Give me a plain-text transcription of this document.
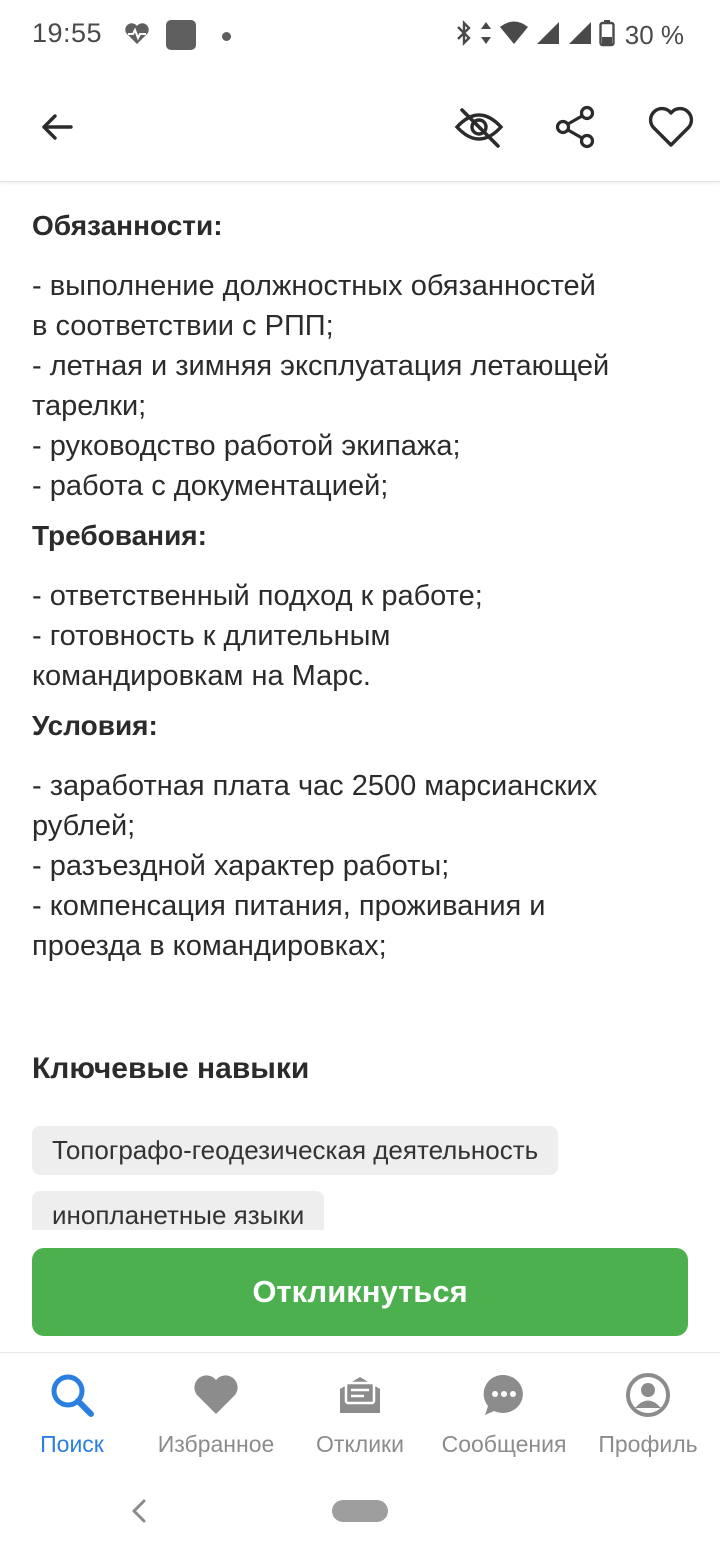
19:55	30 %
Обязанности:
- выполнение должностных обязанностей
в соответствии с РПП;
- летная и зимняя эксплуатация летающей
тарелки;
- руководство работой экипажа;
- работа с документацией;
Требования:
- ответственный подход к работе;
- готовность к длительным
командировкам на Марс.
Условия:
- заработная плата час 2500 марсианских
рублей;
- разъездной характер работы;
- компенсация питания, проживания и
проезда в командировках;
Ключевые навыки
Топографо-геодезическая деятельность
инопланетные языки
Откликнуться
Поиск Избранное Отклики Сообщения Профиль
